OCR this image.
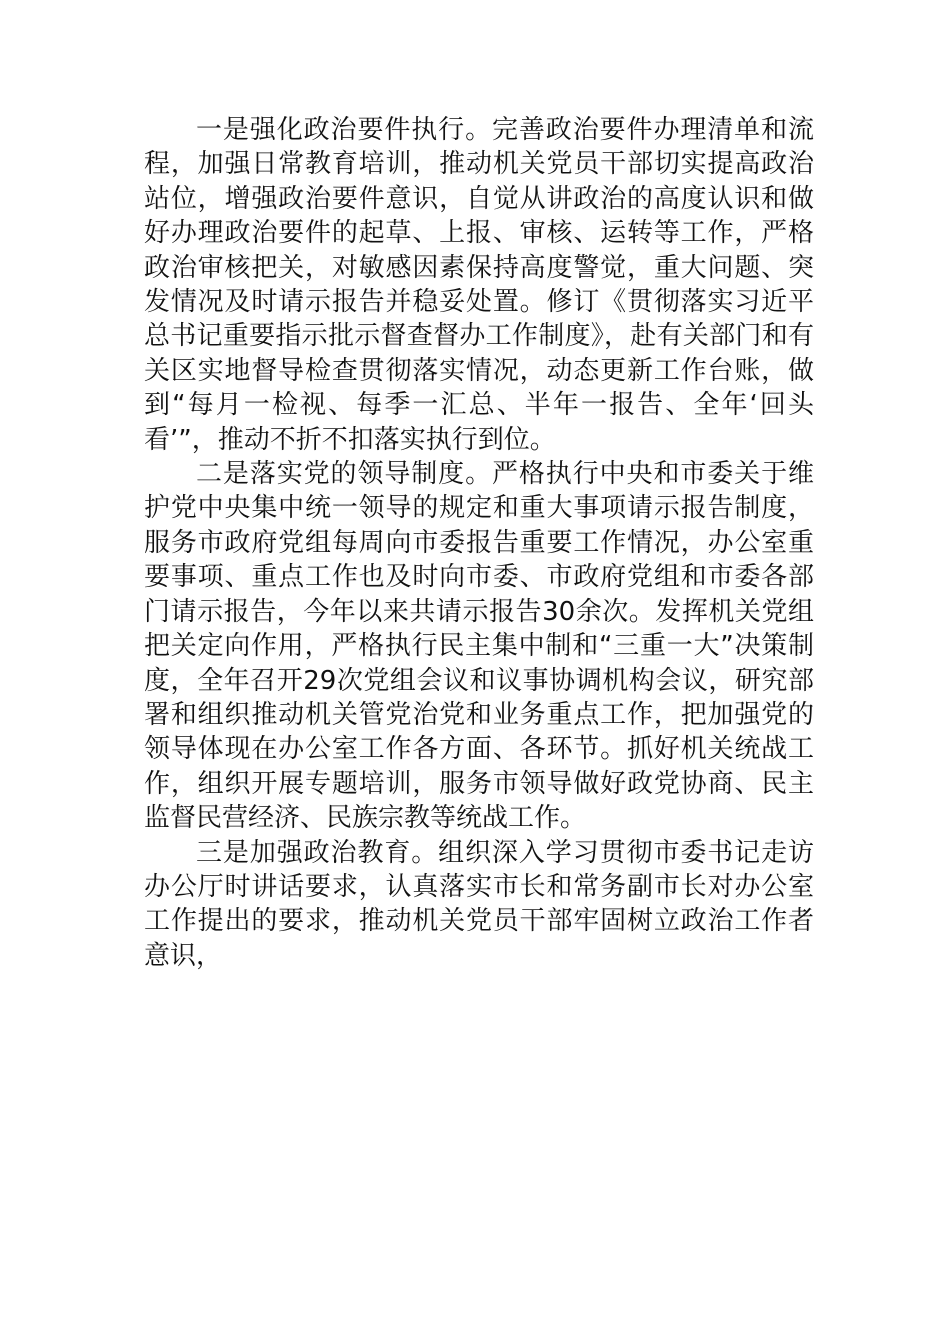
一是强化政治要件执行。完善政治要件办理清单和流程，加强日常教育培训，推动机关党员干部切实提高政治站位，增强政治要件意识，自觉从讲政治的高度认识和做好办理政治要件的起草、上报、审核、运转等工作，严格政治审核把关，对敏感因素保持高度警觉，重大问题、突发情况及时请示报告并稳妥处置。修订《贯彻落实习近平总书记重要指示批示督查督办工作制度》，赴有关部门和有关区实地督导检查贯彻落实情况，动态更新工作台账，做到“每月一检视、每季一汇总、半年一报告、全年‘回头看’”，推动不折不扣落实执行到位。

二是落实党的领导制度。严格执行中央和市委关于维护党中央集中统一领导的规定和重大事项请示报告制度，服务市政府党组每周向市委报告重要工作情况，办公室重要事项、重点工作也及时向市委、市政府党组和市委各部门请示报告，今年以来共请示报告30余次。发挥机关党组把关定向作用，严格执行民主集中制和“三重一大”决策制度，全年召开29次党组会议和议事协调机构会议，研究部署和组织推动机关管党治党和业务重点工作，把加强党的领导体现在办公室工作各方面、各环节。抓好机关统战工作，组织开展专题培训，服务市领导做好政党协商、民主监督民营经济、民族宗教等统战工作。

三是加强政治教育。组织深入学习贯彻市委书记走访办公厅时讲话要求，认真落实市长和常务副市长对办公室工作提出的要求，推动机关党员干部牢固树立政治工作者意识，
